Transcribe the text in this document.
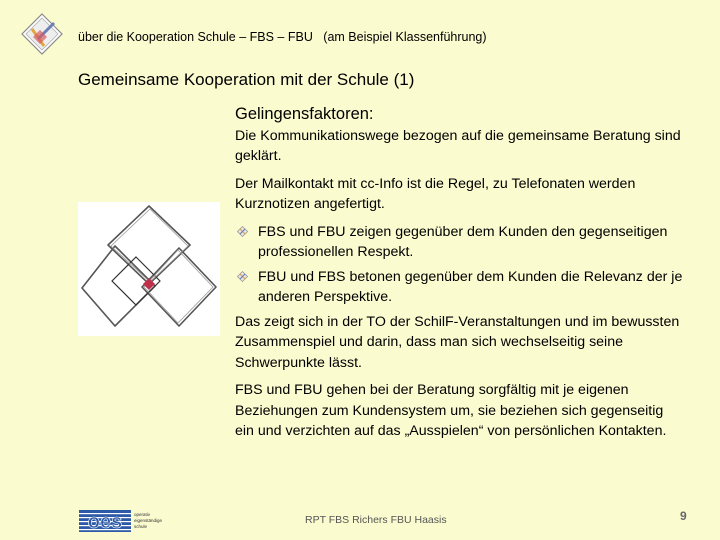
über die Kooperation Schule – FBS – FBU   (am Beispiel Klassenführung)
Gemeinsame Kooperation mit der Schule (1)

Gelingensfaktoren:

Die Kommunikationswege bezogen auf die gemeinsame Beratung sind geklärt.

Der Mailkontakt mit cc-Info ist die Regel, zu Telefonaten werden Kurznotizen angefertigt.

FBS und FBU zeigen gegenüber dem Kunden den gegenseitigen professionellen Respekt.
FBU und FBS betonen gegenüber dem Kunden die Relevanz der je anderen Perspektive.

Das zeigt sich in der TO der SchilF-Veranstaltungen und im bewussten Zusammenspiel und darin, dass man sich wechselseitig seine Schwerpunkte lässt.

FBS und FBU gehen bei der Beratung sorgfältig mit je eigenen Beziehungen zum Kundensystem um, sie beziehen sich gegenseitig ein und verzichten auf das „Ausspielen“ von persönlichen Kontakten.

oes	operativ
eigenständige
schule
RPT FBS Richers FBU Haasis	9
